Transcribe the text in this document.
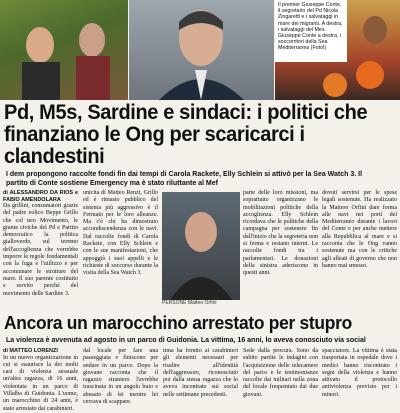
Il premier Giuseppe Conte, il segretario del Pd Nicola Zingaretti e i salvataggi in mare dei migranti. A destra, i salvataggi del Mes. Giuseppe Conte a destra, i soccorritori della Sea Mediterranea (Fotol)
Pd, M5s, Sardine e sindaci: i politici che finanziano le Ong per scaricarci i clandestini
I dem propongono raccolte fondi fin dai tempi di Carola Rackete, Elly Schlein si attivò per la Sea Watch 3. Il partito di Conte sostiene Emergency ma è stato riluttante al Mef
di ALESSANDRO DA RIOS e FABIO AMENDOLARA
Da grillini, consumatori grazie del padre eolico Beppe Grillo che col neo Movimento, le giunte civiche del Pd e Partito democratico la politica gialloverde, sul terreno dell'accoglienza che vorrebbe imporre le regole fondamentali con la fuga e l'utilizzo e per accomunare le strutture del mare. Il suo parente costituito e servito perché del movimento delle Sardine 3.
unicita di Matteo Renzi, Grillo ed è rimasto pubblico del sistema più aggressivo è il Fermato per le loro alleanze. Ma c'è chi ha dimostrato accondiscendenza con le navi. Dal raccolte fondi di Carola Rackete, con Elly Schlein e con le sue manifestazioni, che appoggiò i suoi appelli e le richieste di soccorso durante la visita della Sea Watch 3.
parte delle loro missioni, ma soprattutto organizzano le mobilitazioni politiche della accoglienza. Elly Schlein ricordava che le politiche della campagna per sostenere fin dall'inizio che la segreteria non si ferma e restano interni. Le raccolte fondi tra i parlamentari. Le donazioni della sinistra aderiscono in questi anni.
dovuti servirsi per le spese legali sostenute. Ha realizzato la Mattero Orfini dare forma alle navi nei porti del Mediterraneo durante i lavori del Conte e per anche mettere alla Repubblica al mare e si racconta che le Ong vanno sostenute ma con le critiche agli alleati di governo che non hanno mai smesso.
PERSONE Matteo Orfini
Ancora un marocchino arrestato per stupro
La violenza è avvenuta ad agosto in un parco di Guidonia. La vittima, 16 anni, lo aveva conosciuto via social
di MATTEO LORENZI
In un nuovo organizzazione in cui si esaurisce la dei molti casi di violenza sessuale un'altra ragazza, di 16 anni, violentata in un parco di Villalba di Guidonia. L'uomo, un marocchino di 24 anni, è stato arrestato dai carabinieri.
dal locale per fare una passeggiata e finiscono per andare in un parco. Dopo la giovane racconta che il ragazzo straniero l'avrebbe trascinata in un angolo buio e abusato di lei mentre lei cercava di scappare.
tima ha fornito ai carabinieri gli elementi necessari per risalire all'identità dell'aggressore, riconosciuto poi dalla stessa ragazza che lo aveva incontrato sui social nelle settimane precedenti.
Sede dalla procura. Sono da subito partite le indagini con l'acquisizione delle telecamere del parco e le testimonianze raccolte dai militari nella zona del locale frequentato dai due giovani.
spacciatore. La vittima è stata trasportata in ospedale dove i medici hanno riscontrato i segni della violenza e hanno attivato il protocollo antiviolenza previsto per i minori.
